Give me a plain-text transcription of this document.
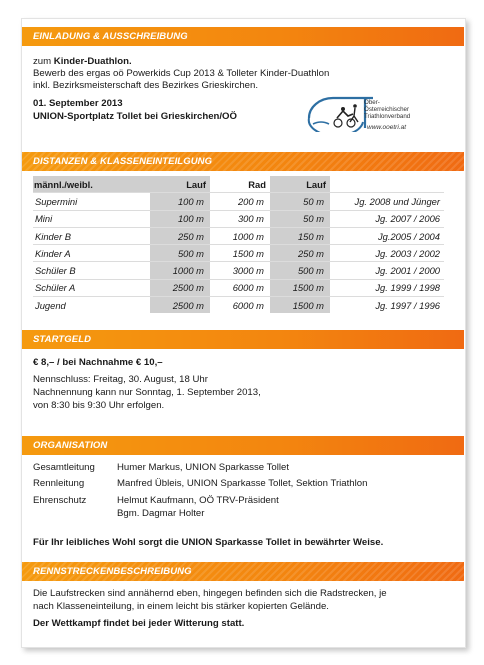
EINLADUNG & AUSSCHREIBUNG
zum Kinder-Duathlon.
Bewerb des ergas oö Powerkids Cup 2013 & Tolleter Kinder-Duathlon
inkl. Bezirksmeisterschaft des Bezirkes Grieskirchen.
01. September 2013
UNION-Sportplatz Tollet bei Grieskirchen/OÖ
Ober-
Österreichischer
Triathlonverband
www.ooetri.at
DISTANZEN & KLASSENEINTEILGUNG
männl./weibl.	Lauf	Rad	Lauf	
Supermini	100 m	200 m	50 m	Jg. 2008 und Jünger
Mini	100 m	300 m	50 m	Jg. 2007 / 2006
Kinder B	250 m	1000 m	150 m	Jg.2005 / 2004
Kinder A	500 m	1500 m	250 m	Jg. 2003 / 2002
Schüler B	1000 m	3000 m	500 m	Jg. 2001 / 2000
Schüler A	2500 m	6000 m	1500 m	Jg. 1999 / 1998
Jugend	2500 m	6000 m	1500 m	Jg. 1997 / 1996
STARTGELD
€ 8,– / bei Nachnahme € 10,–
Nennschluss: Freitag, 30. August, 18 Uhr
Nachnennung kann nur Sonntag, 1. September 2013,
von 8:30 bis 9:30 Uhr erfolgen.
ORGANISATION
Gesamtleitung Humer Markus, UNION Sparkasse Tollet
Rennleitung	Manfred Übleis, UNION Sparkasse Tollet, Sektion Triathlon
Ehrenschutz	Helmut Kaufmann, OÖ TRV-Präsident
Bgm. Dagmar Holter
Für Ihr leibliches Wohl sorgt die UNION Sparkasse Tollet in bewährter Weise.
RENNSTRECKENBESCHREIBUNG
Die Laufstrecken sind annähernd eben, hingegen befinden sich die Radstrecken, je
nach Klasseneinteilung, in einem leicht bis stärker kopierten Gelände.
Der Wettkampf findet bei jeder Witterung statt.
